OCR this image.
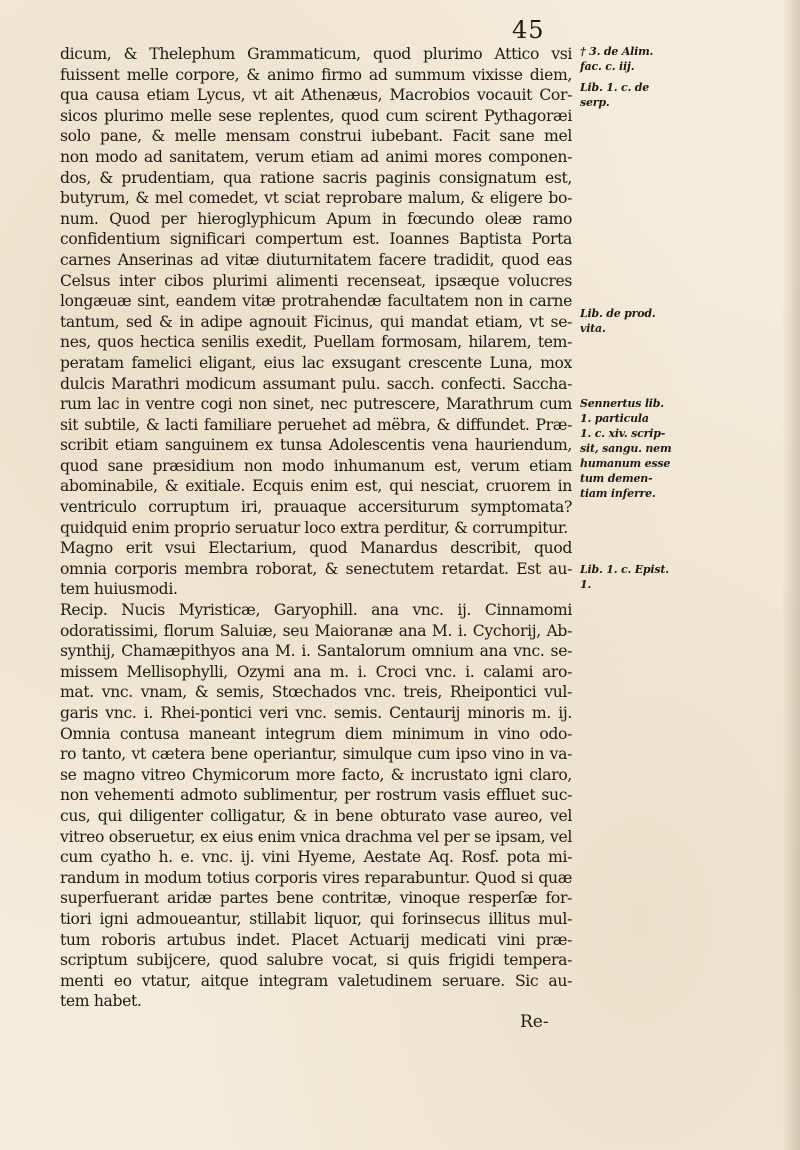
45
dicum, & Thelephum Grammaticum, quod plurimo Attico vsi
fuissent melle corpore, & animo firmo ad summum vixisse diem,
qua causa etiam Lycus, vt ait Athenæus, Macrobios vocauit Cor-
sicos plurimo melle sese replentes, quod cum scirent Pythagoræi
solo pane, & melle mensam construi iubebant. Facit sane mel
non modo ad sanitatem, verum etiam ad animi mores componen-
dos, & prudentiam, qua ratione sacris paginis consignatum est,
butyrum, & mel comedet, vt sciat reprobare malum, & eligere bo-
num. Quod per hieroglyphicum Apum in fœcundo oleæ ramo
confidentium significari compertum est. Ioannes Baptista Porta
carnes Anserinas ad vitæ diuturnitatem facere tradidit, quod eas
Celsus inter cibos plurimi alimenti recenseat, ipsæque volucres
longæuæ sint, eandem vitæ protrahendæ facultatem non in carne
tantum, sed & in adipe agnouit Ficinus, qui mandat etiam, vt se-
nes, quos hectica senilis exedit, Puellam formosam, hilarem, tem-
peratam famelici eligant, eius lac exsugant crescente Luna, mox
dulcis Marathri modicum assumant pulu. sacch. confecti. Saccha-
rum lac in ventre cogi non sinet, nec putrescere, Marathrum cum
sit subtile, & lacti familiare peruehet ad mëbra, & diffundet. Præ-
scribit etiam sanguinem ex tunsa Adolescentis vena hauriendum,
quod sane præsidium non modo inhumanum est, verum etiam
abominabile, & exitiale. Ecquis enim est, qui nesciat, cruorem in
ventriculo corruptum iri, prauaque accersiturum symptomata?
quidquid enim proprio seruatur loco extra perditur, & corrumpitur.
Magno erit vsui Electarium, quod Manardus describit, quod
omnia corporis membra roborat, & senectutem retardat. Est au-
tem huiusmodi.
Recip. Nucis Myristicæ, Garyophill. ana vnc. ij. Cinnamomi
odoratissimi, florum Saluiæ, seu Maioranæ ana M. i. Cychorij, Ab-
synthij, Chamæpithyos ana M. i. Santalorum omnium ana vnc. se-
missem Mellisophylli, Ozymi ana m. i. Croci vnc. i. calami aro-
mat. vnc. vnam, & semis, Stœchados vnc. treis, Rheipontici vul-
garis vnc. i. Rhei-pontici veri vnc. semis. Centaurij minoris m. ij.
Omnia contusa maneant integrum diem minimum in vino odo-
ro tanto, vt cætera bene operiantur, simulque cum ipso vino in va-
se magno vitreo Chymicorum more facto, & incrustato igni claro,
non vehementi admoto sublimentur, per rostrum vasis effluet suc-
cus, qui diligenter colligatur, & in bene obturato vase aureo, vel
vitreo obseruetur, ex eius enim vnica drachma vel per se ipsam, vel
cum cyatho h. e. vnc. ij. vini Hyeme, Aestate Aq. Rosf. pota mi-
randum in modum totius corporis vires reparabuntur. Quod si quæ
superfuerant aridæ partes bene contritæ, vinoque resperſæ for-
tiori igni admoueantur, stillabit liquor, qui forinsecus illitus mul-
tum roboris artubus indet. Placet Actuarij medicati vini præ-
scriptum subijcere, quod salubre vocat, si quis frigidi tempera-
menti eo vtatur, aitque integram valetudinem seruare. Sic au-
tem habet.
† 3. de Alim.
fac. c. iij.
Lib. 1. c. de
serp.
Lib. de prod.
vita.
Sennertus lib.
1. particula
1. c. xiv. scrip-
sit, sangu. nem
humanum esse
tum demen-
tiam inferre.
Lib. 1. c. Epist.
1.
Re-
